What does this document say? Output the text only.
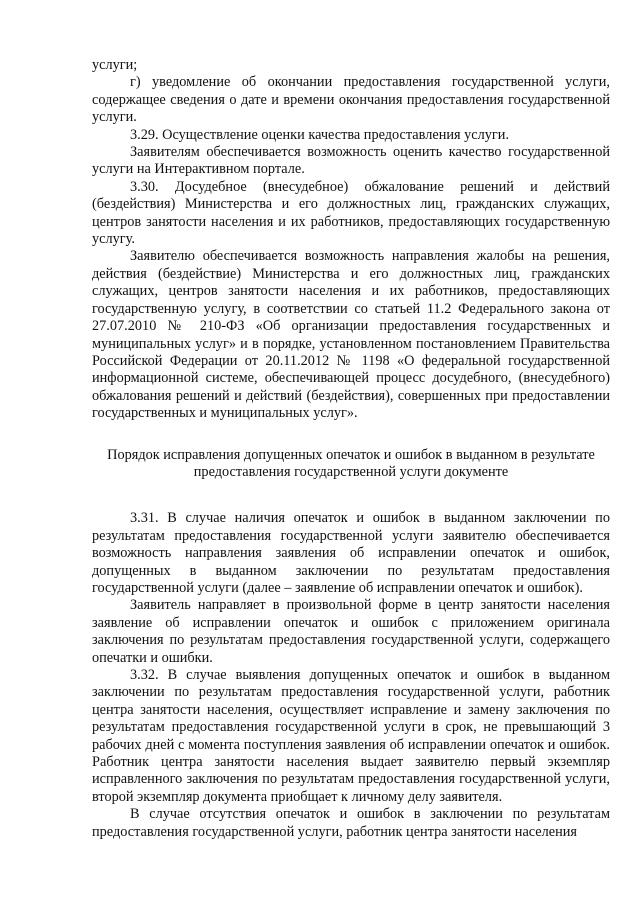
услуги;

г) уведомление об окончании предоставления государственной услуги, содержащее сведения о дате и времени окончания предоставления государственной услуги.

3.29. Осуществление оценки качества предоставления услуги.

Заявителям обеспечивается возможность оценить качество государственной услуги на Интерактивном портале.

3.30. Досудебное (внесудебное) обжалование решений и действий (бездействия) Министерства и его должностных лиц, гражданских служащих, центров занятости населения и их работников, предоставляющих государственную услугу.

Заявителю обеспечивается возможность направления жалобы на решения, действия (бездействие) Министерства и его должностных лиц, гражданских служащих, центров занятости населения и их работников, предоставляющих государственную услугу, в соответствии со статьей 11.2 Федерального закона от 27.07.2010 № 210-ФЗ «Об организации предоставления государственных и муниципальных услуг» и в порядке, установленном постановлением Правительства Российской Федерации от 20.11.2012 № 1198 «О федеральной государственной информационной системе, обеспечивающей процесс досудебного, (внесудебного) обжалования решений и действий (бездействия), совершенных при предоставлении государственных и муниципальных услуг».

Порядок исправления допущенных опечаток и ошибок в выданном в результате предоставления государственной услуги документе

3.31. В случае наличия опечаток и ошибок в выданном заключении по результатам предоставления государственной услуги заявителю обеспечивается возможность направления заявления об исправлении опечаток и ошибок, допущенных в выданном заключении по результатам предоставления государственной услуги (далее – заявление об исправлении опечаток и ошибок).

Заявитель направляет в произвольной форме в центр занятости населения заявление об исправлении опечаток и ошибок с приложением оригинала заключения по результатам предоставления государственной услуги, содержащего опечатки и ошибки.

3.32. В случае выявления допущенных опечаток и ошибок в выданном заключении по результатам предоставления государственной услуги, работник центра занятости населения, осуществляет исправление и замену заключения по результатам предоставления государственной услуги в срок, не превышающий 3 рабочих дней с момента поступления заявления об исправлении опечаток и ошибок. Работник центра занятости населения выдает заявителю первый экземпляр исправленного заключения по результатам предоставления государственной услуги, второй экземпляр документа приобщает к личному делу заявителя.

В случае отсутствия опечаток и ошибок в заключении по результатам предоставления государственной услуги, работник центра занятости населения
